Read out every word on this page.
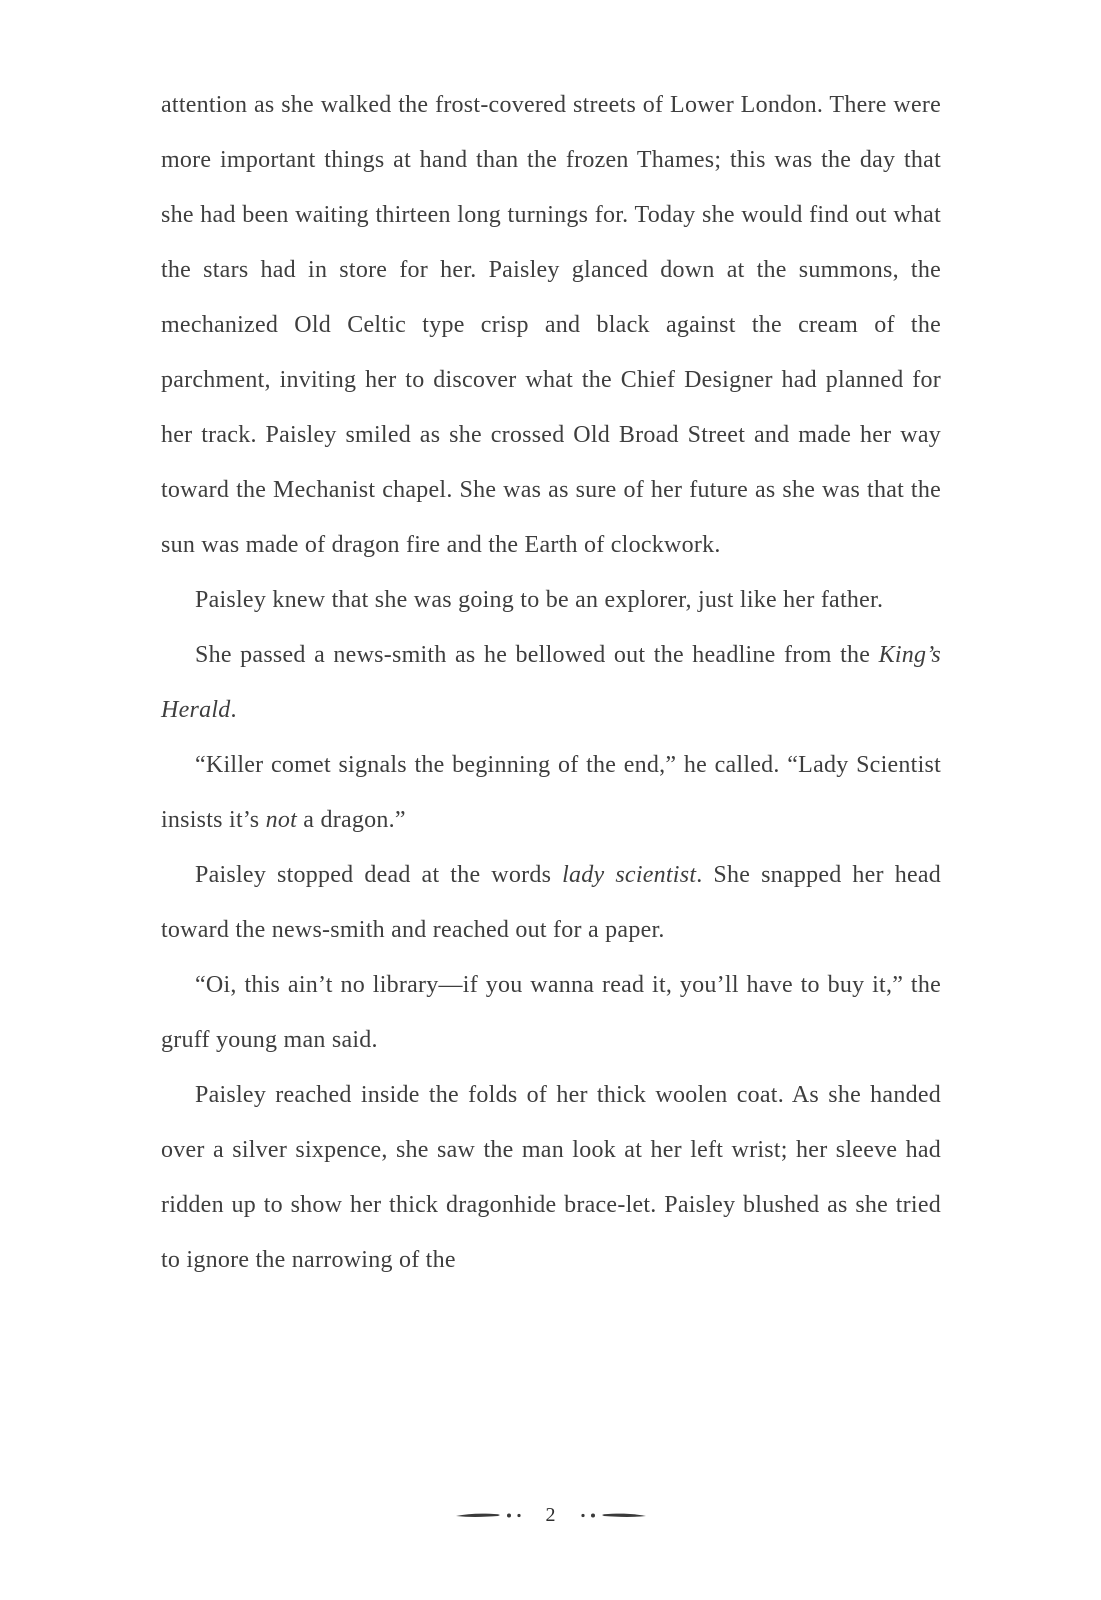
attention as she walked the frost-covered streets of Lower London. There were more important things at hand than the frozen Thames; this was the day that she had been waiting thirteen long turnings for. Today she would find out what the stars had in store for her. Paisley glanced down at the summons, the mechanized Old Celtic type crisp and black against the cream of the parchment, inviting her to discover what the Chief Designer had planned for her track. Paisley smiled as she crossed Old Broad Street and made her way toward the Mechanist chapel. She was as sure of her future as she was that the sun was made of dragon fire and the Earth of clockwork.

Paisley knew that she was going to be an explorer, just like her father.

She passed a news-smith as he bellowed out the headline from the King’s Herald.

“Killer comet signals the beginning of the end,” he called. “Lady Scientist insists it’s not a dragon.”

Paisley stopped dead at the words lady scientist. She snapped her head toward the news-smith and reached out for a paper.

“Oi, this ain’t no library—if you wanna read it, you’ll have to buy it,” the gruff young man said.

Paisley reached inside the folds of her thick woolen coat. As she handed over a silver sixpence, she saw the man look at her left wrist; her sleeve had ridden up to show her thick dragonhide brace-let. Paisley blushed as she tried to ignore the narrowing of the

2
